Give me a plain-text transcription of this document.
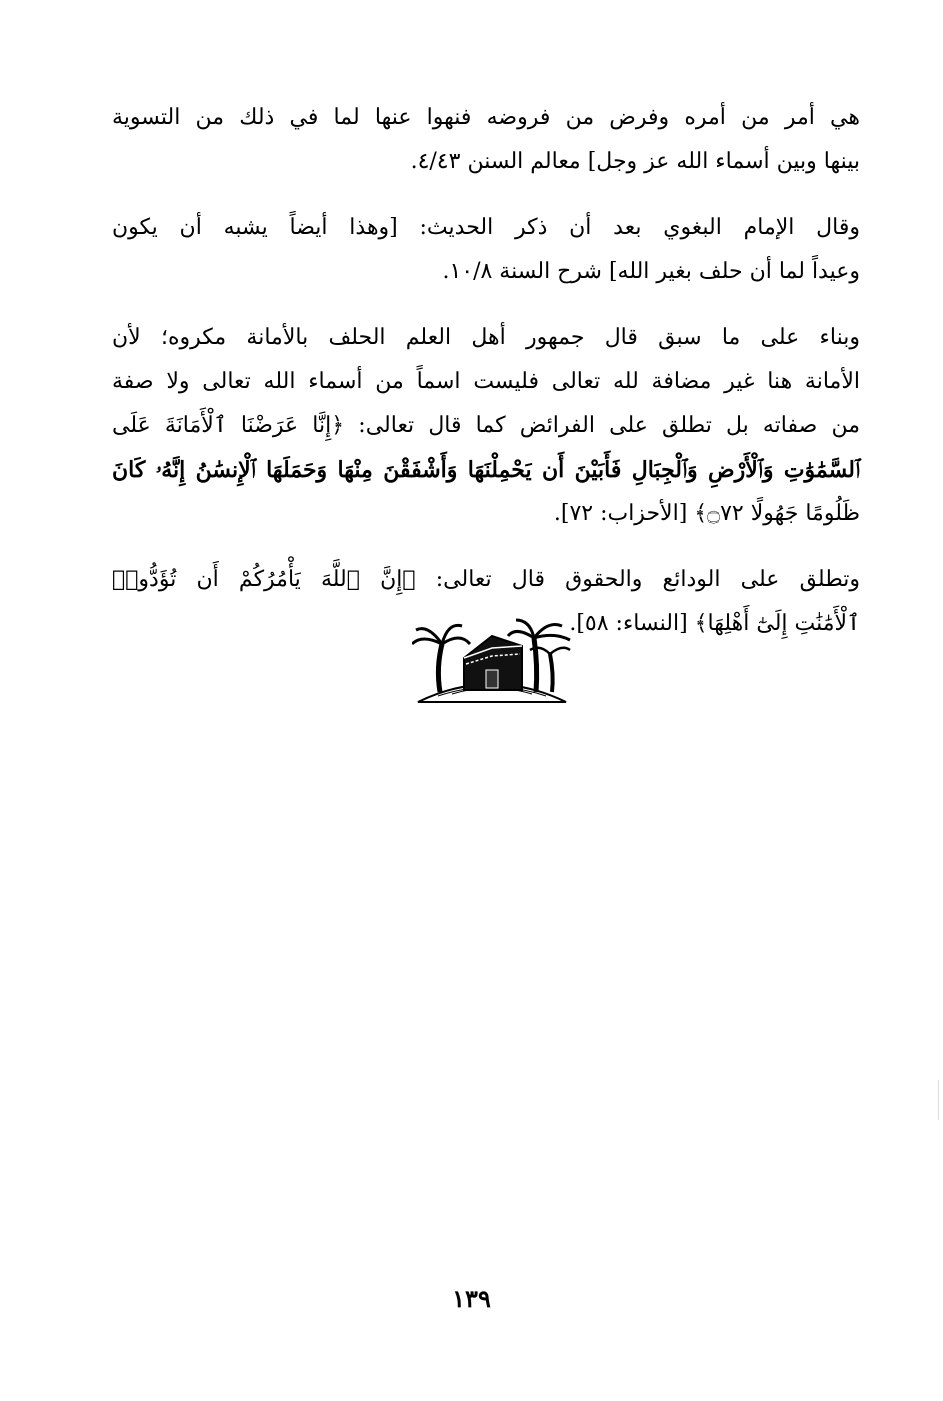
هي أمر من أمره وفرض من فروضه فنهوا عنها لما في ذلك من التسوية
بينها وبين أسماء الله عز وجل] معالم السنن ٤/٤٣.

وقال الإمام البغوي بعد أن ذكر الحديث: [وهذا أيضاً يشبه أن يكون
وعيداً لما أن حلف بغير الله] شرح السنة ١٠/٨.

وبناء على ما سبق قال جمهور أهل العلم الحلف بالأمانة مكروه؛ لأن
الأمانة هنا غير مضافة لله تعالى فليست اسماً من أسماء الله تعالى ولا صفة
من صفاته بل تطلق على الفرائض كما قال تعالى: ﴿إِنَّا عَرَضْنَا ٱلْأَمَانَةَ عَلَى
ٱلسَّمَٰوَٰتِ وَٱلْأَرْضِ وَٱلْجِبَالِ فَأَبَيْنَ أَن يَحْمِلْنَهَا وَأَشْفَقْنَ مِنْهَا وَحَمَلَهَا ٱلْإِنسَٰنُ إِنَّهُۥ كَانَ
ظَلُومًا جَهُولًا ۝٧٢﴾ [الأحزاب: ٧٢].

وتطلق على الودائع والحقوق قال تعالى: ﴿إِنَّ ٱللَّهَ يَأْمُرُكُمْ أَن تُؤَدُّوا۟
ٱلْأَمَٰنَٰتِ إِلَىٰٓ أَهْلِهَا﴾ [النساء: ٥٨].

١٣٩
